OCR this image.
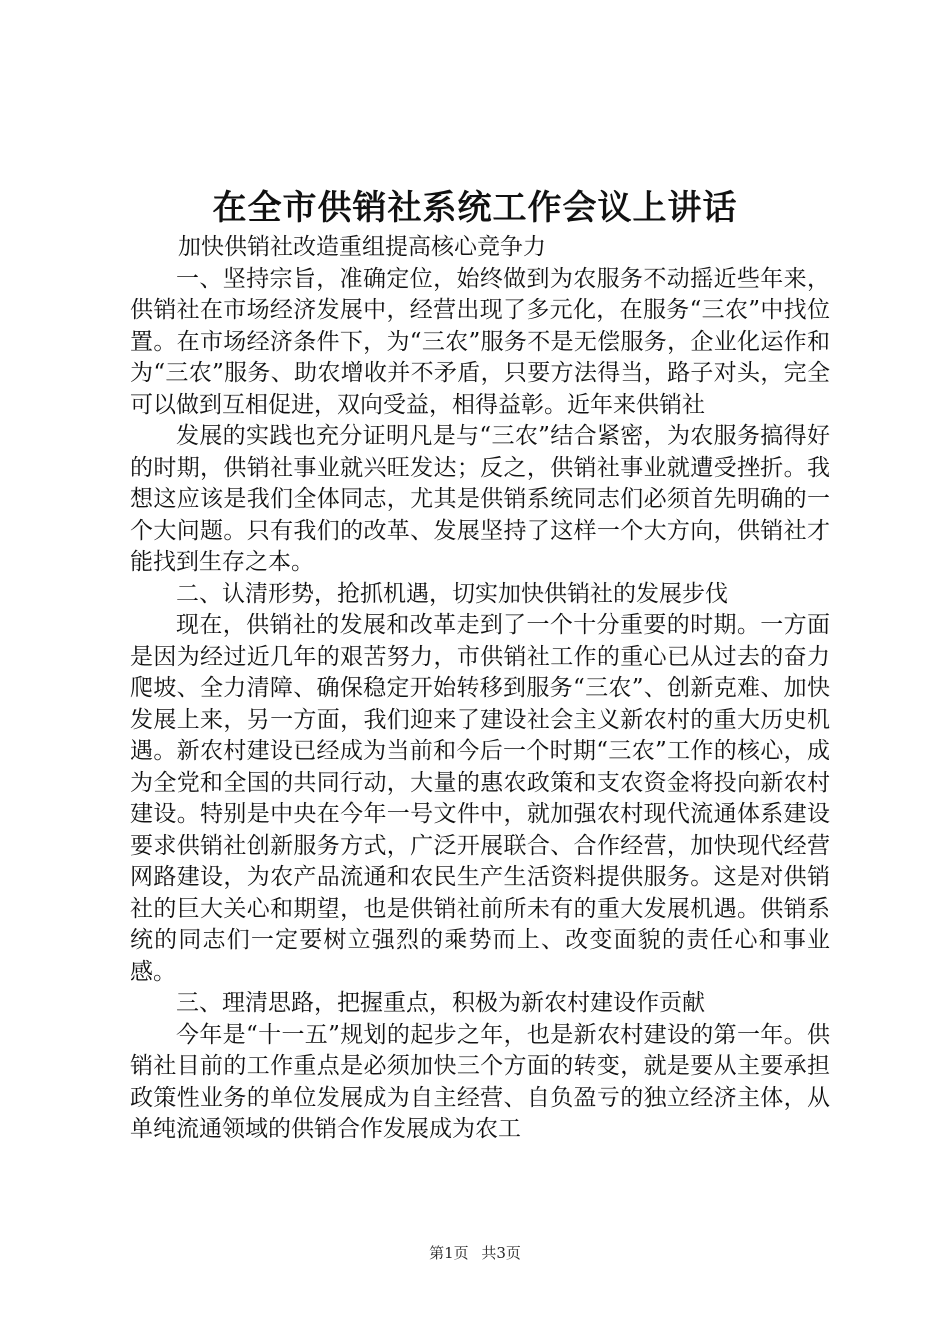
在全市供销社系统工作会议上讲话

加快供销社改造重组提高核心竞争力

一、坚持宗旨，准确定位，始终做到为农服务不动摇近些年来，供销社在市场经济发展中，经营出现了多元化，在服务“三农”中找位置。在市场经济条件下，为“三农”服务不是无偿服务，企业化运作和为“三农”服务、助农增收并不矛盾，只要方法得当，路子对头，完全可以做到互相促进，双向受益，相得益彰。近年来供销社

发展的实践也充分证明凡是与“三农”结合紧密，为农服务搞得好的时期，供销社事业就兴旺发达；反之，供销社事业就遭受挫折。我想这应该是我们全体同志，尤其是供销系统同志们必须首先明确的一个大问题。只有我们的改革、发展坚持了这样一个大方向，供销社才能找到生存之本。

二、认清形势，抢抓机遇，切实加快供销社的发展步伐

现在，供销社的发展和改革走到了一个十分重要的时期。一方面是因为经过近几年的艰苦努力，市供销社工作的重心已从过去的奋力爬坡、全力清障、确保稳定开始转移到服务“三农”、创新克难、加快发展上来，另一方面，我们迎来了建设社会主义新农村的重大历史机遇。新农村建设已经成为当前和今后一个时期“三农”工作的核心，成为全党和全国的共同行动，大量的惠农政策和支农资金将投向新农村建设。特别是中央在今年一号文件中，就加强农村现代流通体系建设要求供销社创新服务方式，广泛开展联合、合作经营，加快现代经营网路建设，为农产品流通和农民生产生活资料提供服务。这是对供销社的巨大关心和期望，也是供销社前所未有的重大发展机遇。供销系统的同志们一定要树立强烈的乘势而上、改变面貌的责任心和事业感。

三、理清思路，把握重点，积极为新农村建设作贡献

今年是“十一五”规划的起步之年，也是新农村建设的第一年。供销社目前的工作重点是必须加快三个方面的转变，就是要从主要承担政策性业务的单位发展成为自主经营、自负盈亏的独立经济主体，从单纯流通领域的供销合作发展成为农工

第1页 共3页
